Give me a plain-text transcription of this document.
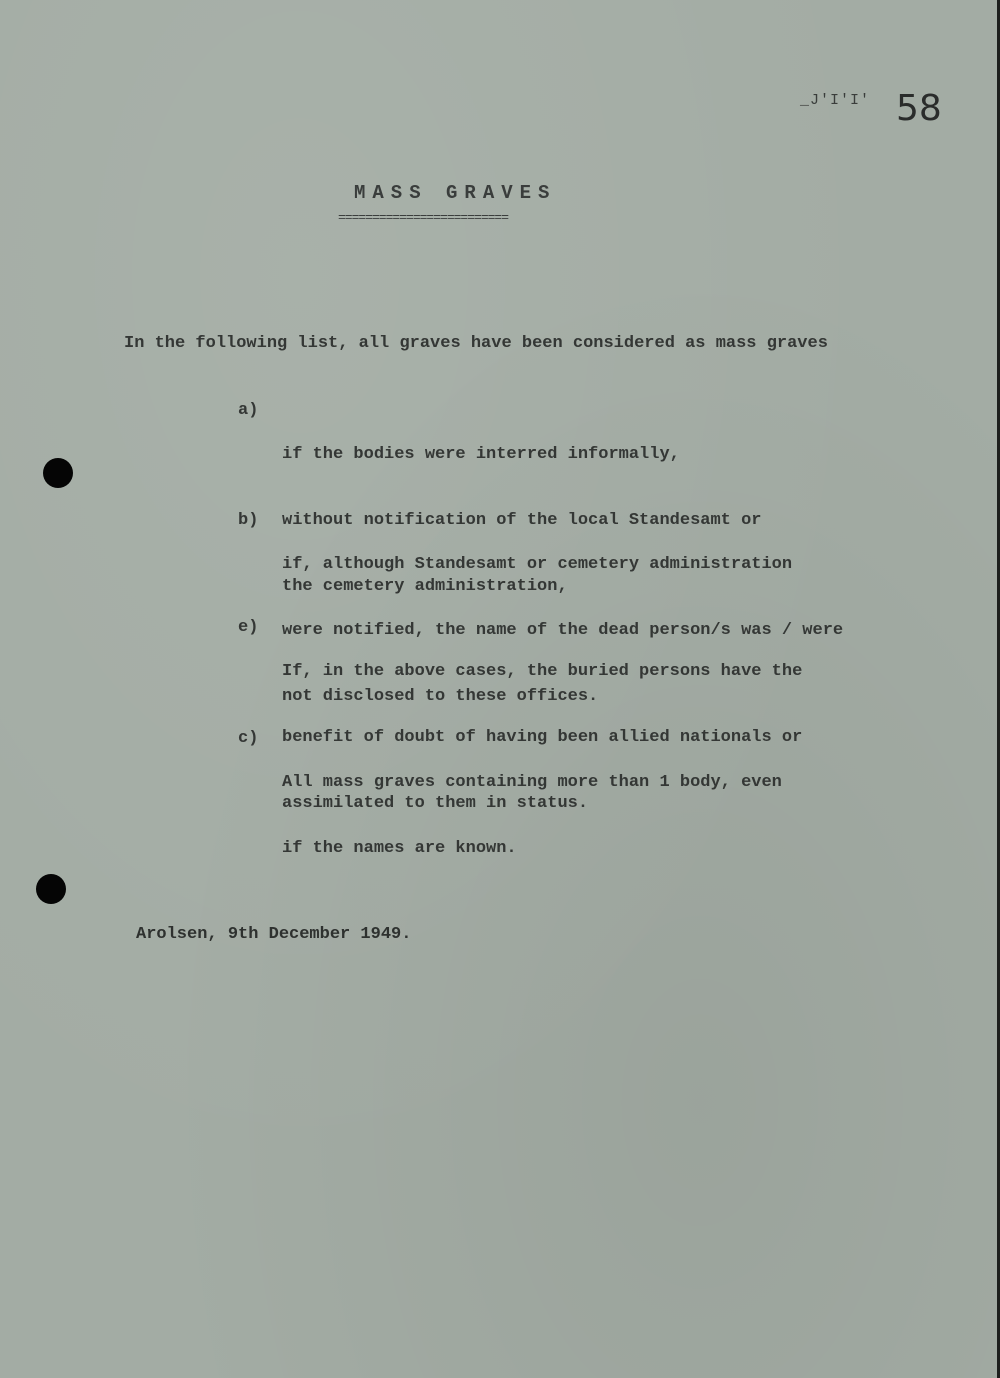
_J'I'I' 58
MASS GRAVES
=========================
In the following list, all graves have been considered as mass graves
a)

if the bodies were interred informally,

without notification of the local Standesamt or

the cemetery administration,

b)

if, although Standesamt or cemetery administration

were notified, the name of the dead person/s was / were

not disclosed to these offices.

e)

If, in the above cases, the buried persons have the

benefit of doubt of having been allied nationals or

assimilated to them in status.

c)

All mass graves containing more than 1 body, even

if the names are known.

Arolsen, 9th December 1949.
